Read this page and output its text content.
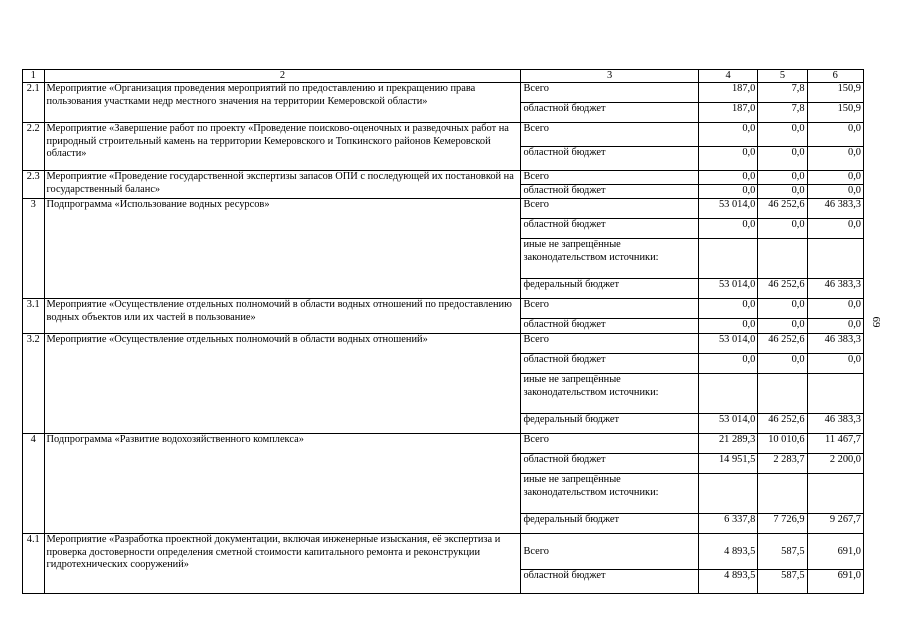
1	2	3	4	5	6
2.1	Мероприятие «Организация проведения мероприятий по предоставлению и прекращению права пользования участками недр местного значения на территории Кемеровской области»	Всего	187,0	7,8	150,9
		областной бюджет	187,0	7,8	150,9
2.2	Мероприятие «Завершение работ по проекту «Проведение поисково-оценочных и разведочных работ на природный строительный камень на территории Кемеровского и Топкинского районов Кемеровской области»	Всего	0,0	0,0	0,0
		областной бюджет	0,0	0,0	0,0
2.3	Мероприятие «Проведение государственной экспертизы запасов ОПИ с последующей их постановкой на государственный баланс»	Всего	0,0	0,0	0,0
		областной бюджет	0,0	0,0	0,0
3	Подпрограмма «Использование водных ресурсов»	Всего	53 014,0	46 252,6	46 383,3
		областной бюджет	0,0	0,0	0,0
		иные не запрещённые законодательством источники:			
		федеральный бюджет	53 014,0	46 252,6	46 383,3
3.1	Мероприятие «Осуществление отдельных полномочий в области водных отношений по предоставлению водных объектов или их частей в пользование»	Всего	0,0	0,0	0,0
		областной бюджет	0,0	0,0	0,0
3.2	Мероприятие «Осуществление отдельных полномочий в области водных отношений»	Всего	53 014,0	46 252,6	46 383,3
		областной бюджет	0,0	0,0	0,0
		иные не запрещённые законодательством источники:			
		федеральный бюджет	53 014,0	46 252,6	46 383,3
4	Подпрограмма «Развитие водохозяйственного комплекса»	Всего	21 289,3	10 010,6	11 467,7
		областной бюджет	14 951,5	2 283,7	2 200,0
		иные не запрещённые законодательством источники:			
		федеральный бюджет	6 337,8	7 726,9	9 267,7
4.1	Мероприятие «Разработка проектной документации, включая инженерные изыскания, её экспертиза и проверка достоверности определения сметной стоимости капитального ремонта и реконструкции гидротехнических сооружений»	Всего	4 893,5	587,5	691,0
		областной бюджет	4 893,5	587,5	691,0
69
